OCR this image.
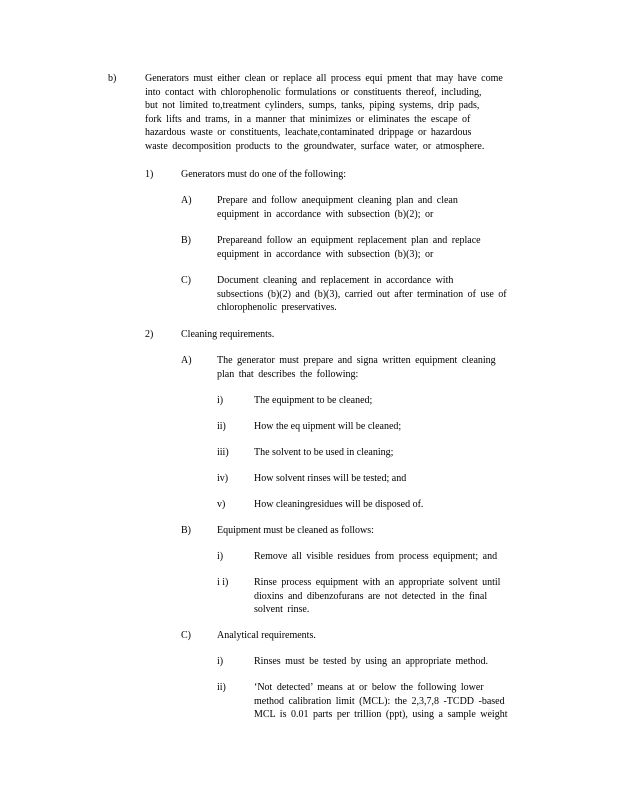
b)	Generators must either clean or replace all process equi pment that may have come
into contact with chlorophenolic formulations or constituents thereof, including,
but not limited to,treatment cylinders, sumps, tanks, piping systems, drip pads,
fork lifts and trams, in a manner that minimizes or eliminates the escape of
hazardous waste or constituents, leachate,contaminated drippage or hazardous
waste decomposition products to the groundwater, surface water, or atmosphere.
1)	Generators must do one of the following:
A)	Prepare and follow anequipment cleaning plan and clean
equipment in accordance with subsection (b)(2); or
B)	Prepareand follow an equipment replacement plan and replace
equipment in accordance with subsection (b)(3); or
C)	Document cleaning and replacement in accordance with
subsections (b)(2) and (b)(3), carried out after termination of use of
chlorophenolic preservatives.
2)	Cleaning requirements.
A)	The generator must prepare and signa written equipment cleaning
plan that describes the following:
i)	The equipment to be cleaned;
ii)	How the eq uipment will be cleaned;
iii)	The solvent to be used in cleaning;
iv)	How solvent rinses will be tested; and
v)	How cleaningresidues will be disposed of.
B)	Equipment must be cleaned as follows:
i)	Remove all visible residues from process equipment; and
i i)	Rinse process equipment with an appropriate solvent until
dioxins and dibenzofurans are not detected in the final
solvent rinse.
C)	Analytical requirements.
i)	Rinses must be tested by using an appropriate method.
ii)	‘Not detected’ means at or below the following lower
method calibration limit (MCL): the 2,3,7,8 -TCDD -based
MCL is 0.01 parts per trillion (ppt), using a sample weight
